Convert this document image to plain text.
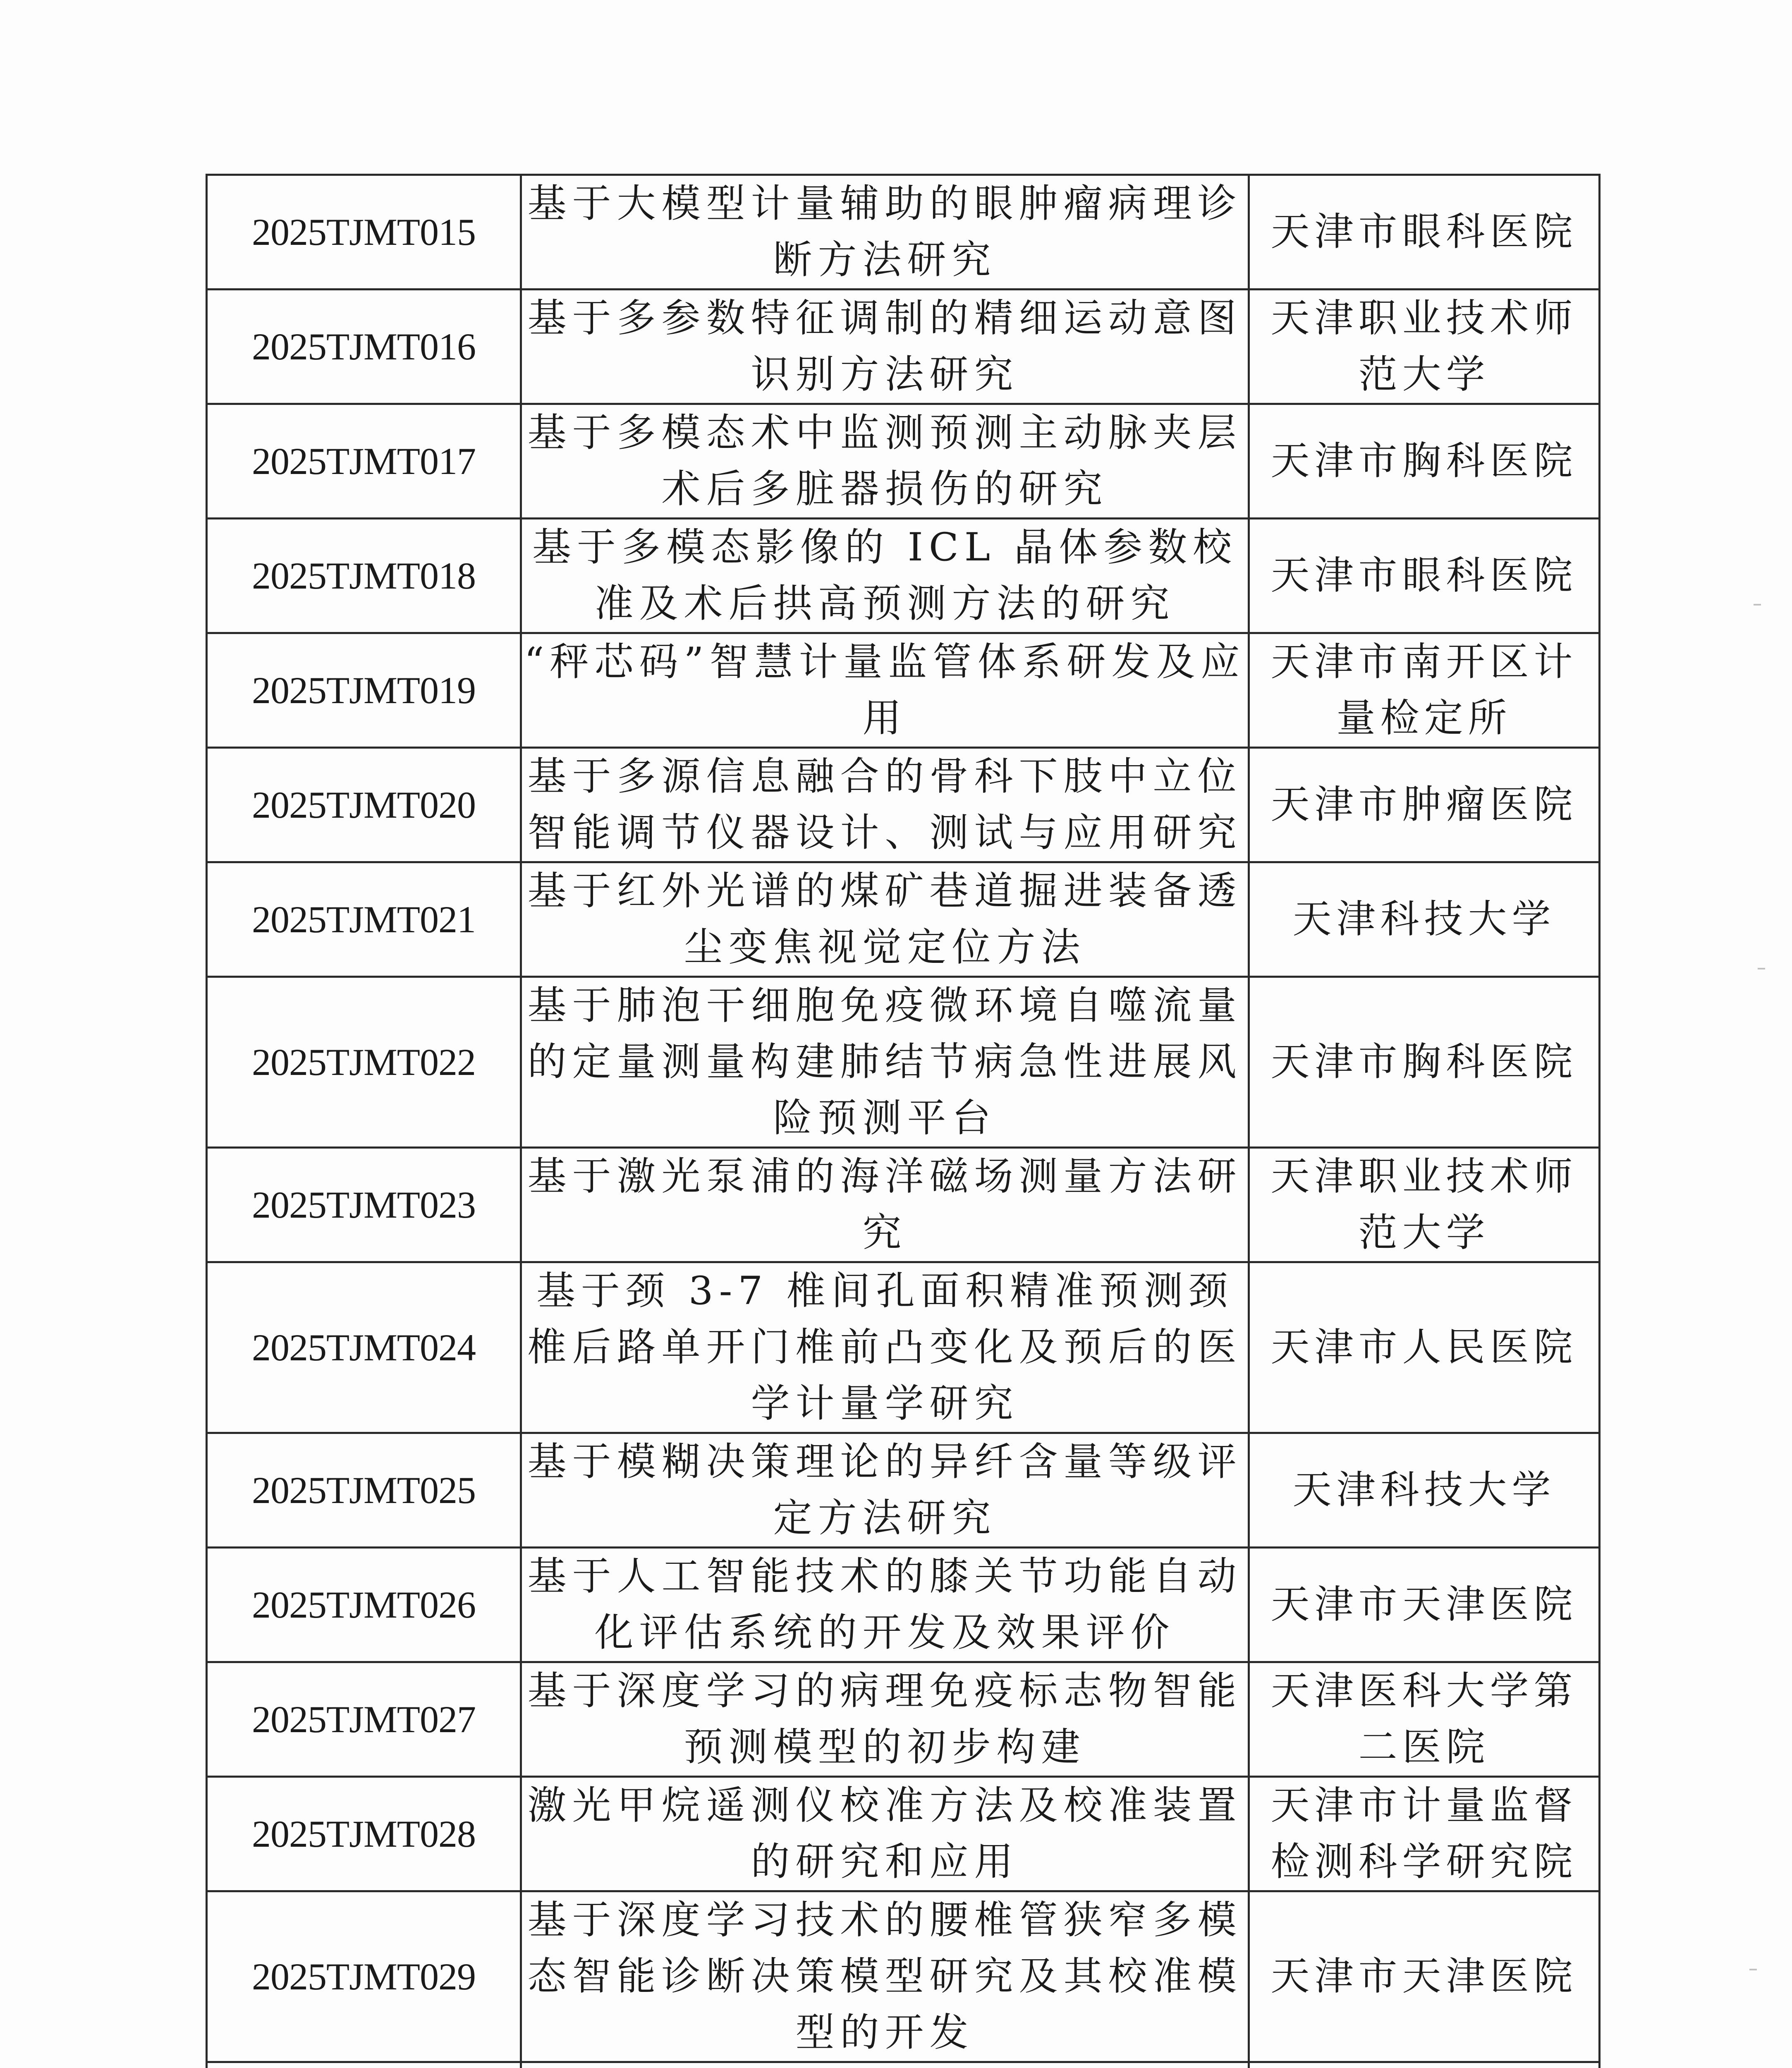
2025TJMT015	基于大模型计量辅助的眼肿瘤病理诊断方法研究	天津市眼科医院
2025TJMT016	基于多参数特征调制的精细运动意图识别方法研究	天津职业技术师范大学
2025TJMT017	基于多模态术中监测预测主动脉夹层术后多脏器损伤的研究	天津市胸科医院
2025TJMT018	基于多模态影像的 ICL 晶体参数校准及术后拱高预测方法的研究	天津市眼科医院
2025TJMT019	“秤芯码”智慧计量监管体系研发及应用	天津市南开区计量检定所
2025TJMT020	基于多源信息融合的骨科下肢中立位智能调节仪器设计、测试与应用研究	天津市肿瘤医院
2025TJMT021	基于红外光谱的煤矿巷道掘进装备透尘变焦视觉定位方法	天津科技大学
2025TJMT022	基于肺泡干细胞免疫微环境自噬流量的定量测量构建肺结节病急性进展风险预测平台	天津市胸科医院
2025TJMT023	基于激光泵浦的海洋磁场测量方法研究	天津职业技术师范大学
2025TJMT024	基于颈 3-7 椎间孔面积精准预测颈椎后路单开门椎前凸变化及预后的医学计量学研究	天津市人民医院
2025TJMT025	基于模糊决策理论的异纤含量等级评定方法研究	天津科技大学
2025TJMT026	基于人工智能技术的膝关节功能自动化评估系统的开发及效果评价	天津市天津医院
2025TJMT027	基于深度学习的病理免疫标志物智能预测模型的初步构建	天津医科大学第二医院
2025TJMT028	激光甲烷遥测仪校准方法及校准装置的研究和应用	天津市计量监督检测科学研究院
2025TJMT029	基于深度学习技术的腰椎管狭窄多模态智能诊断决策模型研究及其校准模型的开发	天津市天津医院
